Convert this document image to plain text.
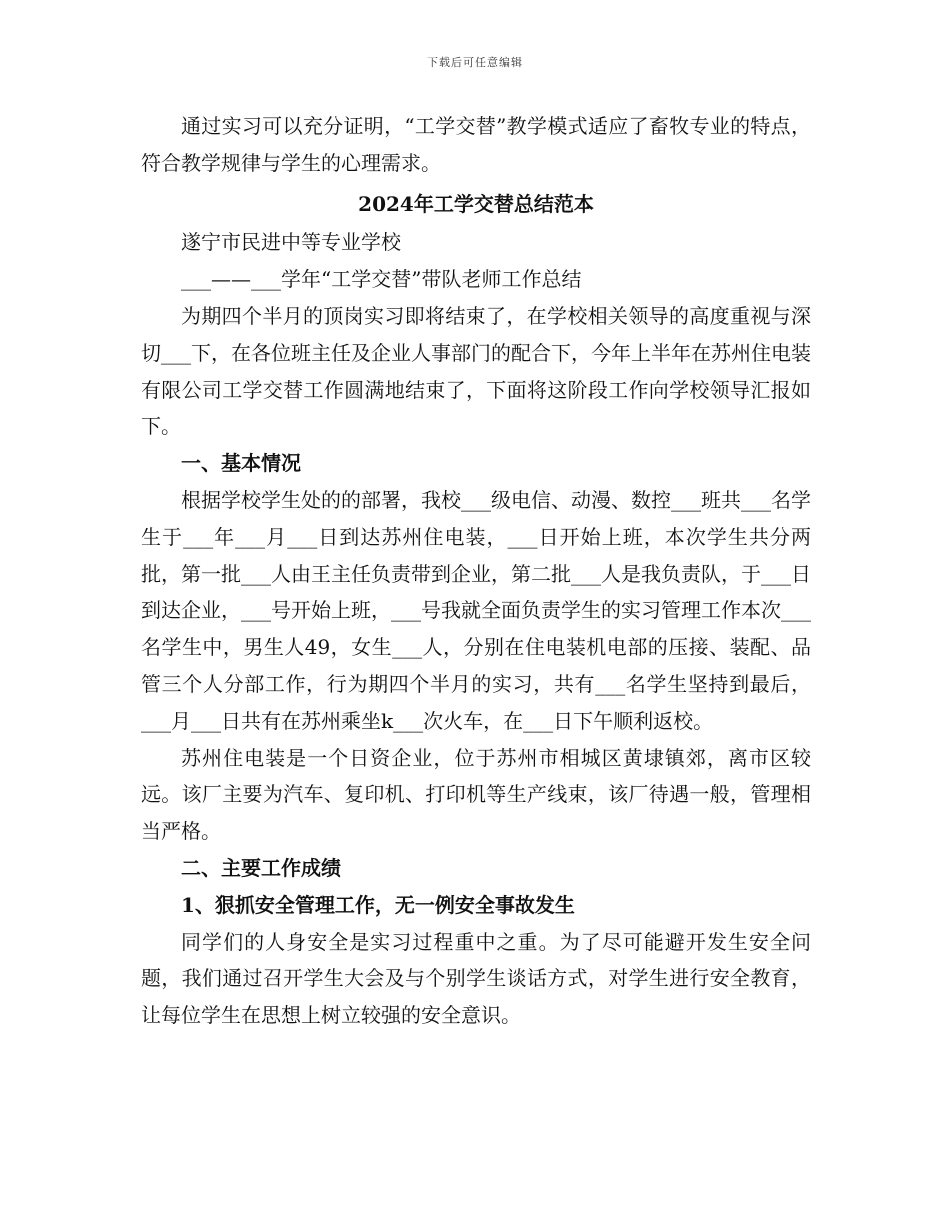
下载后可任意编辑

通过实习可以充分证明，“工学交替”教学模式适应了畜牧专业的特点，符合教学规律与学生的心理需求。

2024年工学交替总结范本

遂宁市民进中等专业学校

___——___学年“工学交替”带队老师工作总结

为期四个半月的顶岗实习即将结束了，在学校相关领导的高度重视与深切___下，在各位班主任及企业人事部门的配合下，今年上半年在苏州住电装有限公司工学交替工作圆满地结束了，下面将这阶段工作向学校领导汇报如下。

一、基本情况

根据学校学生处的的部署，我校___级电信、动漫、数控___班共___名学生于___年___月___日到达苏州住电装，___日开始上班，本次学生共分两批，第一批___人由王主任负责带到企业，第二批___人是我负责队，于___日到达企业，___号开始上班，___号我就全面负责学生的实习管理工作本次___名学生中，男生人49，女生___人，分别在住电装机电部的压接、装配、品管三个人分部工作，行为期四个半月的实习，共有___名学生坚持到最后，___月___日共有在苏州乘坐k___次火车，在___日下午顺利返校。

苏州住电装是一个日资企业，位于苏州市相城区黄埭镇郊，离市区较远。该厂主要为汽车、复印机、打印机等生产线束，该厂待遇一般，管理相当严格。

二、主要工作成绩

1、狠抓安全管理工作，无一例安全事故发生

同学们的人身安全是实习过程重中之重。为了尽可能避开发生安全问题，我们通过召开学生大会及与个别学生谈话方式，对学生进行安全教育，让每位学生在思想上树立较强的安全意识。
